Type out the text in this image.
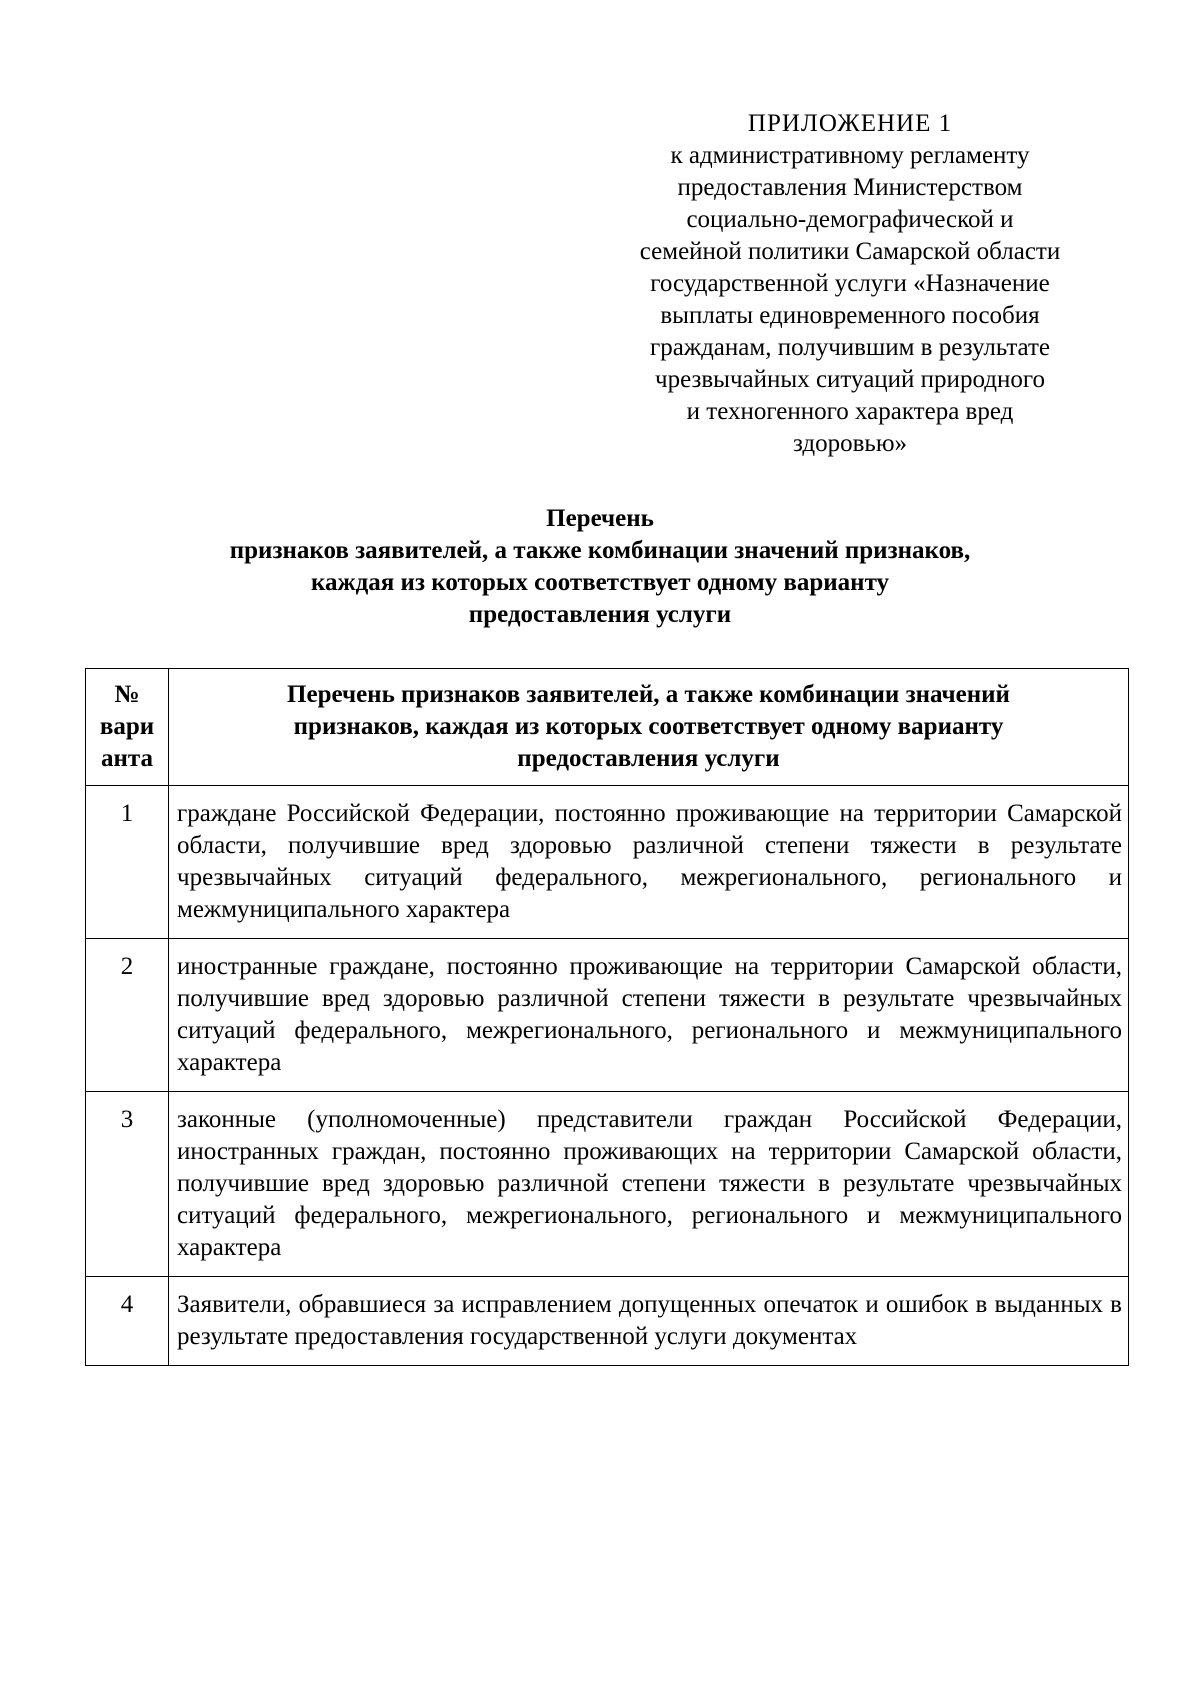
ПРИЛОЖЕНИЕ 1
к административному регламенту
предоставления Министерством
социально-демографической и
семейной политики Самарской области
государственной услуги «Назначение
выплаты единовременного пособия
гражданам, получившим в результате
чрезвычайных ситуаций природного
и техногенного характера вред
здоровью»
Перечень
признаков заявителей, а также комбинации значений признаков,
каждая из которых соответствует одному варианту
предоставления услуги
№
вари
анта	Перечень признаков заявителей, а также комбинации значений
признаков, каждая из которых соответствует одному варианту
предоставления услуги

1	граждане Российской Федерации, постоянно проживающие на территории Самарской области, получившие вред здоровью различной степени тяжести в результате чрезвычайных ситуаций федерального, межрегионального, регионального и межмуниципального характера
2	иностранные граждане, постоянно проживающие на территории Самарской области, получившие вред здоровью различной степени тяжести в результате чрезвычайных ситуаций федерального, межрегионального, регионального и межмуниципального характера
3	законные (уполномоченные) представители граждан Российской Федерации, иностранных граждан, постоянно проживающих на территории Самарской области, получившие вред здоровью различной степени тяжести в результате чрезвычайных ситуаций федерального, межрегионального, регионального и межмуниципального характера
4	Заявители, обравшиеся за исправлением допущенных опечаток и ошибок в выданных в результате предоставления государственной услуги документах
